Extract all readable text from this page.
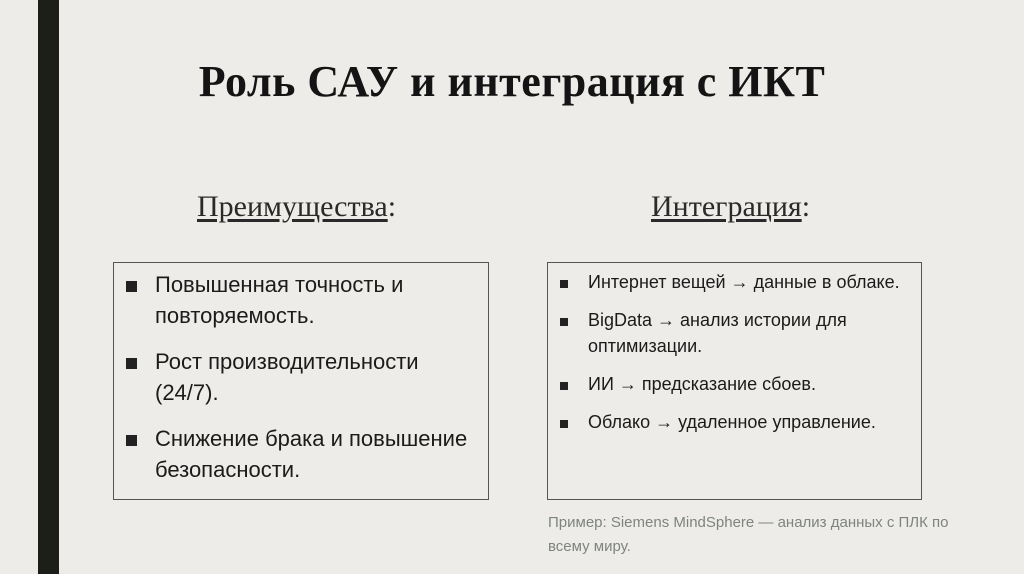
Роль САУ и интеграция с ИКТ
Преимущества:	Интеграция:
Повышенная точность и повторяемость.
Рост производительности (24/7).
Снижение брака и повышение безопасности.
Интернет вещей → данные в облаке.
BigData → анализ истории для оптимизации.
ИИ → предсказание сбоев.
Облако → удаленное управление.
Пример: Siemens MindSphere — анализ данных с ПЛК по всему миру.
